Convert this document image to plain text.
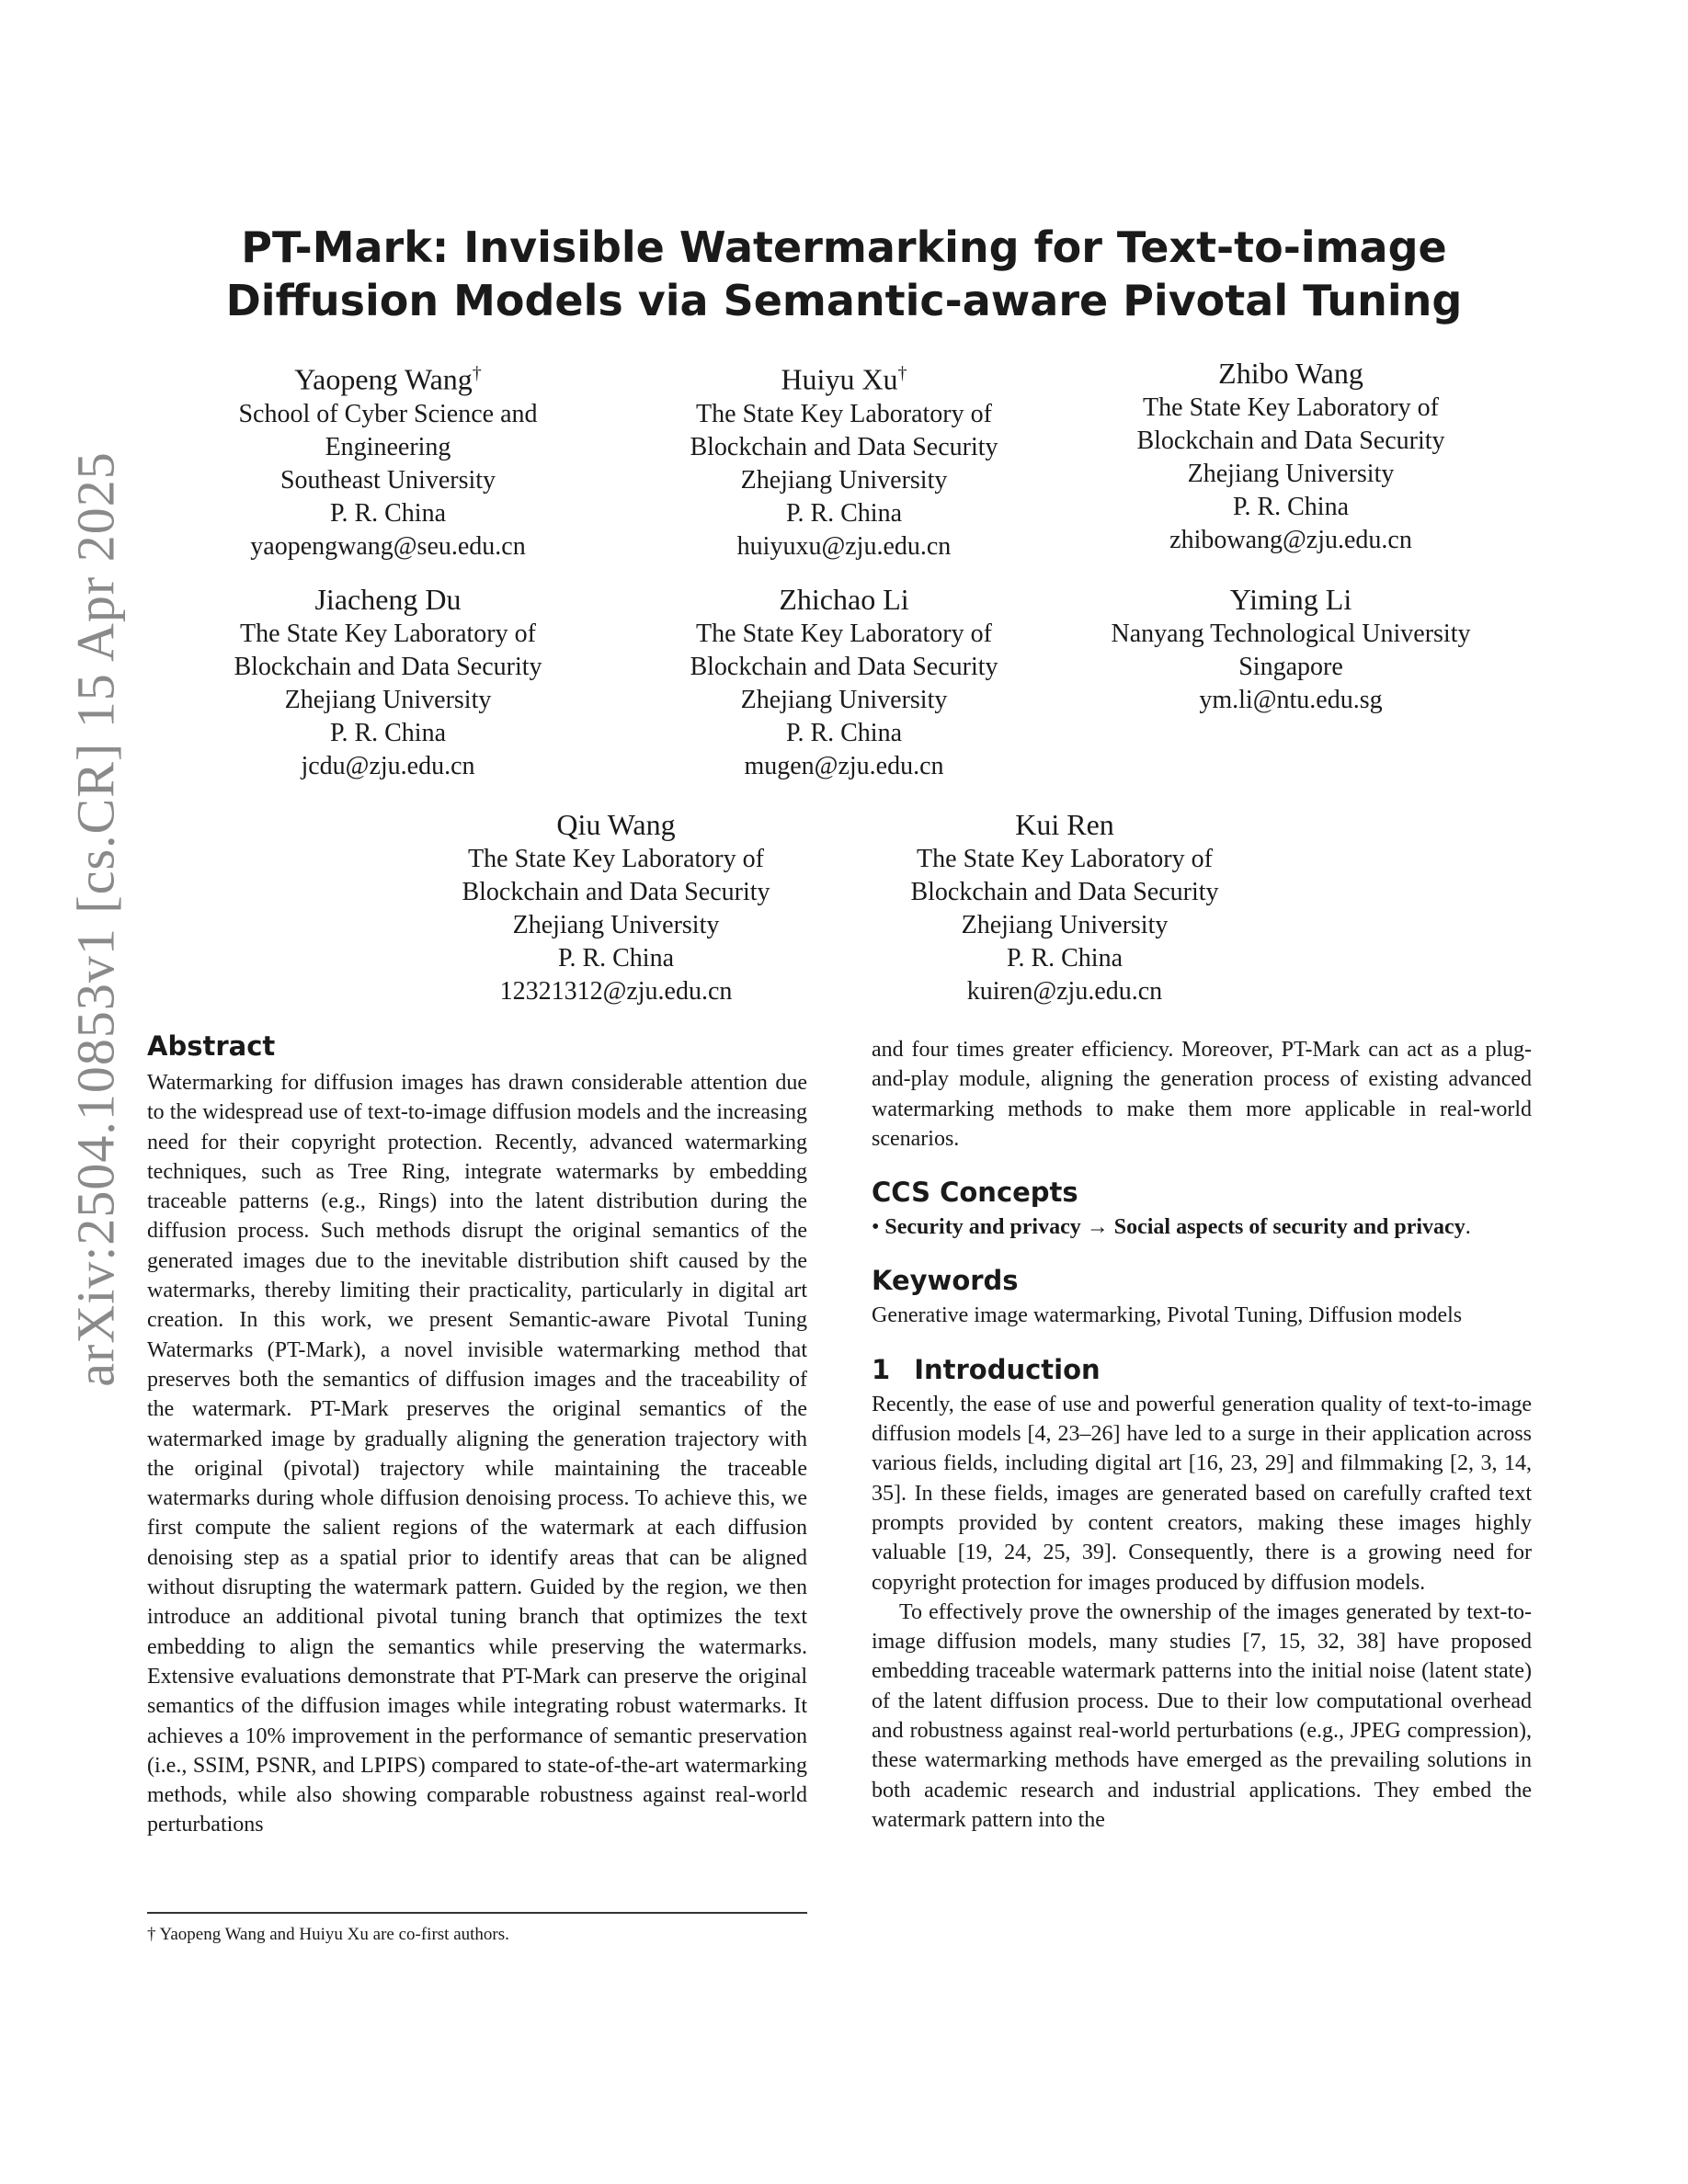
arXiv:2504.10853v1 [cs.CR] 15 Apr 2025
PT-Mark: Invisible Watermarking for Text-to-image
Diffusion Models via Semantic-aware Pivotal Tuning
Yaopeng Wang†
School of Cyber Science and
Engineering
Southeast University
P. R. China
yaopengwang@seu.edu.cn
Huiyu Xu†
The State Key Laboratory of
Blockchain and Data Security
Zhejiang University
P. R. China
huiyuxu@zju.edu.cn
Zhibo Wang
The State Key Laboratory of
Blockchain and Data Security
Zhejiang University
P. R. China
zhibowang@zju.edu.cn
Jiacheng Du
The State Key Laboratory of
Blockchain and Data Security
Zhejiang University
P. R. China
jcdu@zju.edu.cn
Zhichao Li
The State Key Laboratory of
Blockchain and Data Security
Zhejiang University
P. R. China
mugen@zju.edu.cn
Yiming Li
Nanyang Technological University
Singapore
ym.li@ntu.edu.sg
Qiu Wang
The State Key Laboratory of
Blockchain and Data Security
Zhejiang University
P. R. China
12321312@zju.edu.cn
Kui Ren
The State Key Laboratory of
Blockchain and Data Security
Zhejiang University
P. R. China
kuiren@zju.edu.cn
Abstract

Watermarking for diffusion images has drawn considerable attention due to the widespread use of text-to-image diffusion models and the increasing need for their copyright protection. Recently, advanced watermarking techniques, such as Tree Ring, integrate watermarks by embedding traceable patterns (e.g., Rings) into the latent distribution during the diffusion process. Such methods disrupt the original semantics of the generated images due to the inevitable distribution shift caused by the watermarks, thereby limiting their practicality, particularly in digital art creation. In this work, we present Semantic-aware Pivotal Tuning Watermarks (PT-Mark), a novel invisible watermarking method that preserves both the semantics of diffusion images and the traceability of the watermark. PT-Mark preserves the original semantics of the watermarked image by gradually aligning the generation trajectory with the original (pivotal) trajectory while maintaining the traceable watermarks during whole diffusion denoising process. To achieve this, we first compute the salient regions of the watermark at each diffusion denoising step as a spatial prior to identify areas that can be aligned without disrupting the watermark pattern. Guided by the region, we then introduce an additional pivotal tuning branch that optimizes the text embedding to align the semantics while preserving the watermarks. Extensive evaluations demonstrate that PT-Mark can preserve the original semantics of the diffusion images while integrating robust watermarks. It achieves a 10% improvement in the performance of semantic preservation (i.e., SSIM, PSNR, and LPIPS) compared to state-of-the-art watermarking methods, while also showing comparable robustness against real-world perturbations

† Yaopeng Wang and Huiyu Xu are co-first authors.

and four times greater efficiency. Moreover, PT-Mark can act as a plug-and-play module, aligning the generation process of existing advanced watermarking methods to make them more applicable in real-world scenarios.

CCS Concepts

• Security and privacy → Social aspects of security and privacy.

Keywords

Generative image watermarking, Pivotal Tuning, Diffusion models

1 Introduction

Recently, the ease of use and powerful generation quality of text-to-image diffusion models [4, 23–26] have led to a surge in their application across various fields, including digital art [16, 23, 29] and filmmaking [2, 3, 14, 35]. In these fields, images are generated based on carefully crafted text prompts provided by content creators, making these images highly valuable [19, 24, 25, 39]. Consequently, there is a growing need for copyright protection for images produced by diffusion models.

To effectively prove the ownership of the images generated by text-to-image diffusion models, many studies [7, 15, 32, 38] have proposed embedding traceable watermark patterns into the initial noise (latent state) of the latent diffusion process. Due to their low computational overhead and robustness against real-world perturbations (e.g., JPEG compression), these watermarking methods have emerged as the prevailing solutions in both academic research and industrial applications. They embed the watermark pattern into the
